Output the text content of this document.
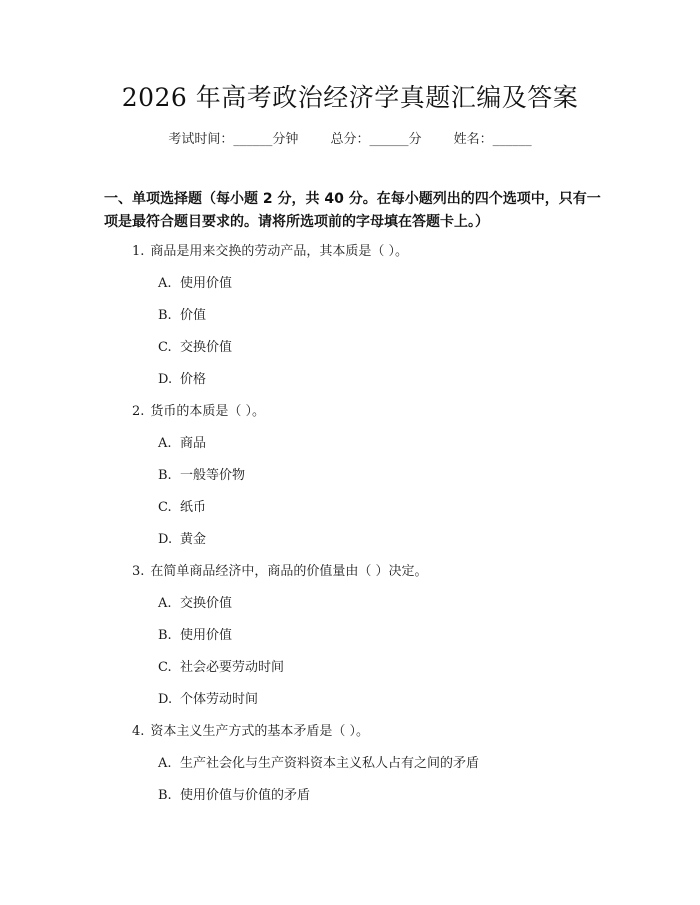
2026 年高考政治经济学真题汇编及答案
考试时间：______分钟 总分：______分 姓名：______
一、单项选择题（每小题 2 分，共 40 分。在每小题列出的四个选项中，只有一项是最符合题目要求的。请将所选项前的字母填在答题卡上。）
1. 商品是用来交换的劳动产品，其本质是（ ）。
A. 使用价值
B. 价值
C. 交换价值
D. 价格
2. 货币的本质是（ ）。
A. 商品
B. 一般等价物
C. 纸币
D. 黄金
3. 在简单商品经济中，商品的价值量由（ ）决定。
A. 交换价值
B. 使用价值
C. 社会必要劳动时间
D. 个体劳动时间
4. 资本主义生产方式的基本矛盾是（ ）。
A. 生产社会化与生产资料资本主义私人占有之间的矛盾
B. 使用价值与价值的矛盾
